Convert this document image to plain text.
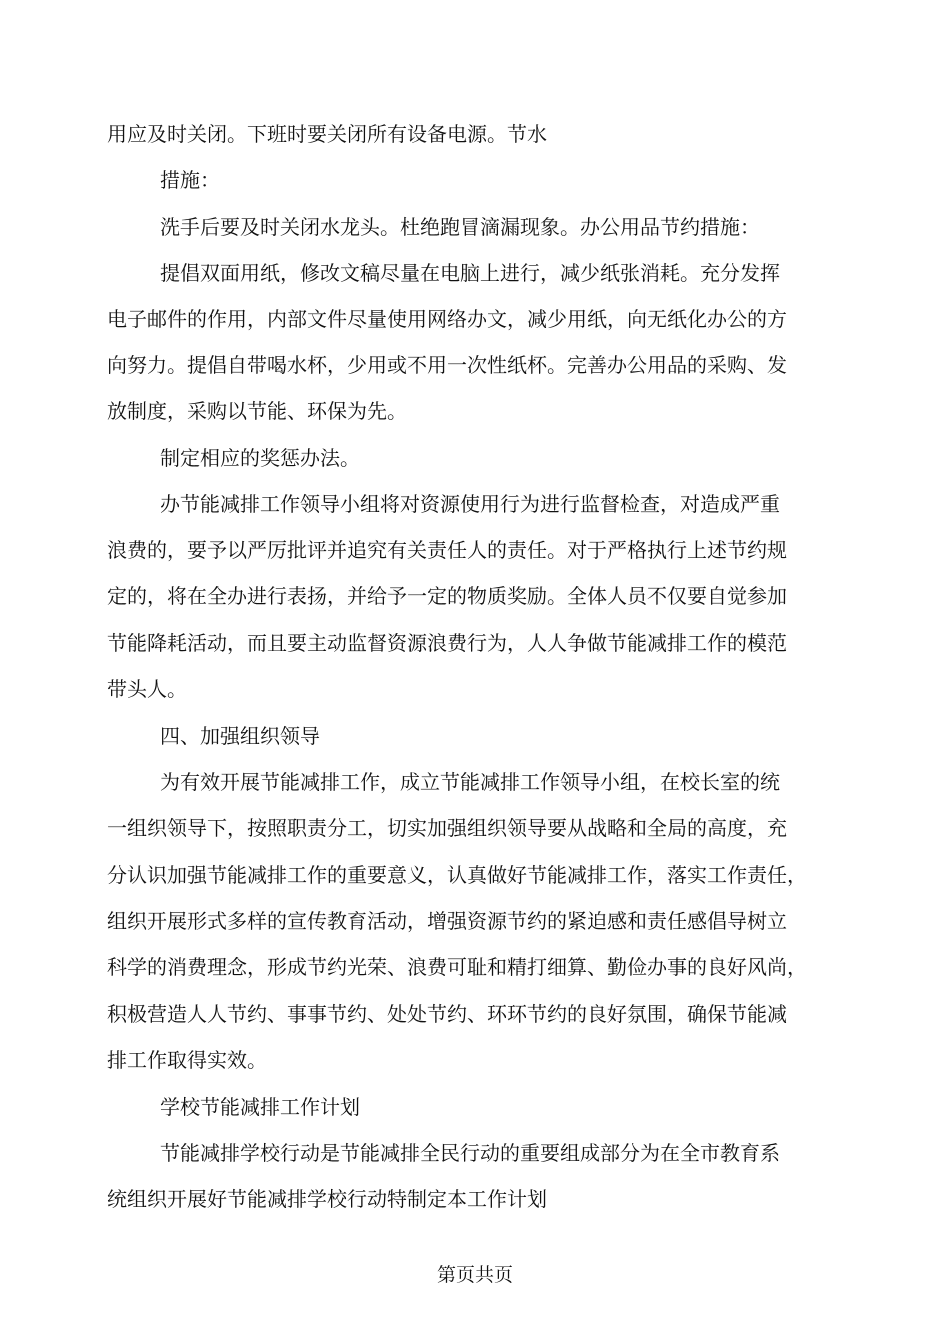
用应及时关闭。下班时要关闭所有设备电源。节水
措施：
洗手后要及时关闭水龙头。杜绝跑冒滴漏现象。办公用品节约措施：
提倡双面用纸，修改文稿尽量在电脑上进行，减少纸张消耗。充分发挥
电子邮件的作用，内部文件尽量使用网络办文，减少用纸，向无纸化办公的方
向努力。提倡自带喝水杯，少用或不用一次性纸杯。完善办公用品的采购、发
放制度，采购以节能、环保为先。
制定相应的奖惩办法。
办节能减排工作领导小组将对资源使用行为进行监督检查，对造成严重
浪费的，要予以严厉批评并追究有关责任人的责任。对于严格执行上述节约规
定的，将在全办进行表扬，并给予一定的物质奖励。全体人员不仅要自觉参加
节能降耗活动，而且要主动监督资源浪费行为，人人争做节能减排工作的模范
带头人。
四、加强组织领导
为有效开展节能减排工作，成立节能减排工作领导小组，在校长室的统
一组织领导下，按照职责分工，切实加强组织领导要从战略和全局的高度，充
分认识加强节能减排工作的重要意义，认真做好节能减排工作，落实工作责任，
组织开展形式多样的宣传教育活动，增强资源节约的紧迫感和责任感倡导树立
科学的消费理念，形成节约光荣、浪费可耻和精打细算、勤俭办事的良好风尚，
积极营造人人节约、事事节约、处处节约、环环节约的良好氛围，确保节能减
排工作取得实效。
学校节能减排工作计划
节能减排学校行动是节能减排全民行动的重要组成部分为在全市教育系
统组织开展好节能减排学校行动特制定本工作计划
第页共页
